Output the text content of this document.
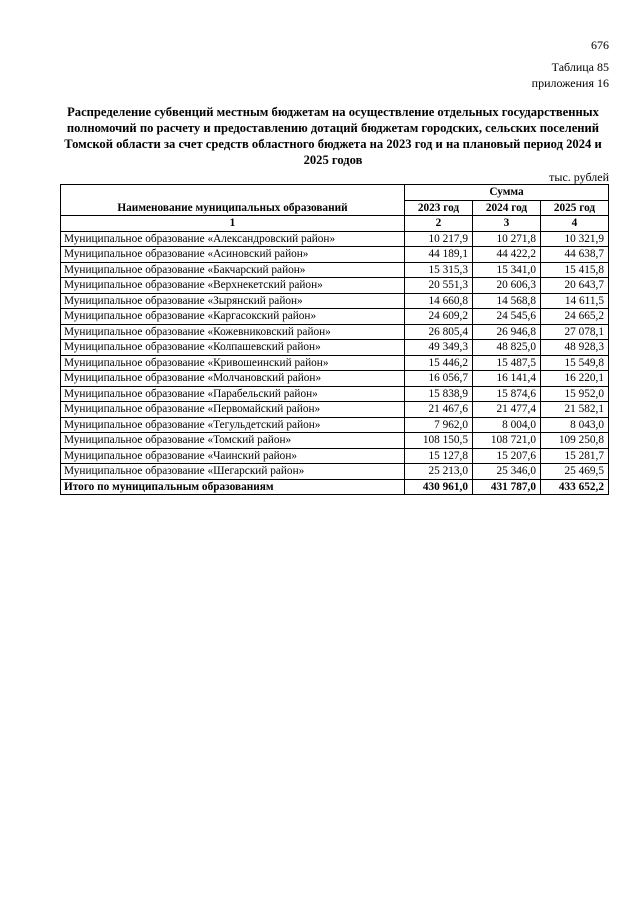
676
Таблица 85
приложения 16
Распределение субвенций местным бюджетам на осуществление отдельных государственных полномочий по расчету и предоставлению дотаций бюджетам городских, сельских поселений Томской области за счет средств областного бюджета на 2023 год и на плановый период 2024 и 2025 годов
тыс. рублей
Наименование муниципальных образований	Сумма		
	2023 год	2024 год	2025 год
1	2	3	4
Муниципальное образование «Александровский район»	10 217,9	10 271,8	10 321,9
Муниципальное образование «Асиновский район»	44 189,1	44 422,2	44 638,7
Муниципальное образование «Бакчарский район»	15 315,3	15 341,0	15 415,8
Муниципальное образование «Верхнекетский район»	20 551,3	20 606,3	20 643,7
Муниципальное образование «Зырянский район»	14 660,8	14 568,8	14 611,5
Муниципальное образование «Каргасокский район»	24 609,2	24 545,6	24 665,2
Муниципальное образование «Кожевниковский район»	26 805,4	26 946,8	27 078,1
Муниципальное образование «Колпашевский район»	49 349,3	48 825,0	48 928,3
Муниципальное образование «Кривошеинский район»	15 446,2	15 487,5	15 549,8
Муниципальное образование «Молчановский район»	16 056,7	16 141,4	16 220,1
Муниципальное образование «Парабельский район»	15 838,9	15 874,6	15 952,0
Муниципальное образование «Первомайский район»	21 467,6	21 477,4	21 582,1
Муниципальное образование «Тегульдетский район»	7 962,0	8 004,0	8 043,0
Муниципальное образование «Томский район»	108 150,5	108 721,0	109 250,8
Муниципальное образование «Чаинский район»	15 127,8	15 207,6	15 281,7
Муниципальное образование «Шегарский район»	25 213,0	25 346,0	25 469,5
Итого по муниципальным образованиям	430 961,0	431 787,0	433 652,2
